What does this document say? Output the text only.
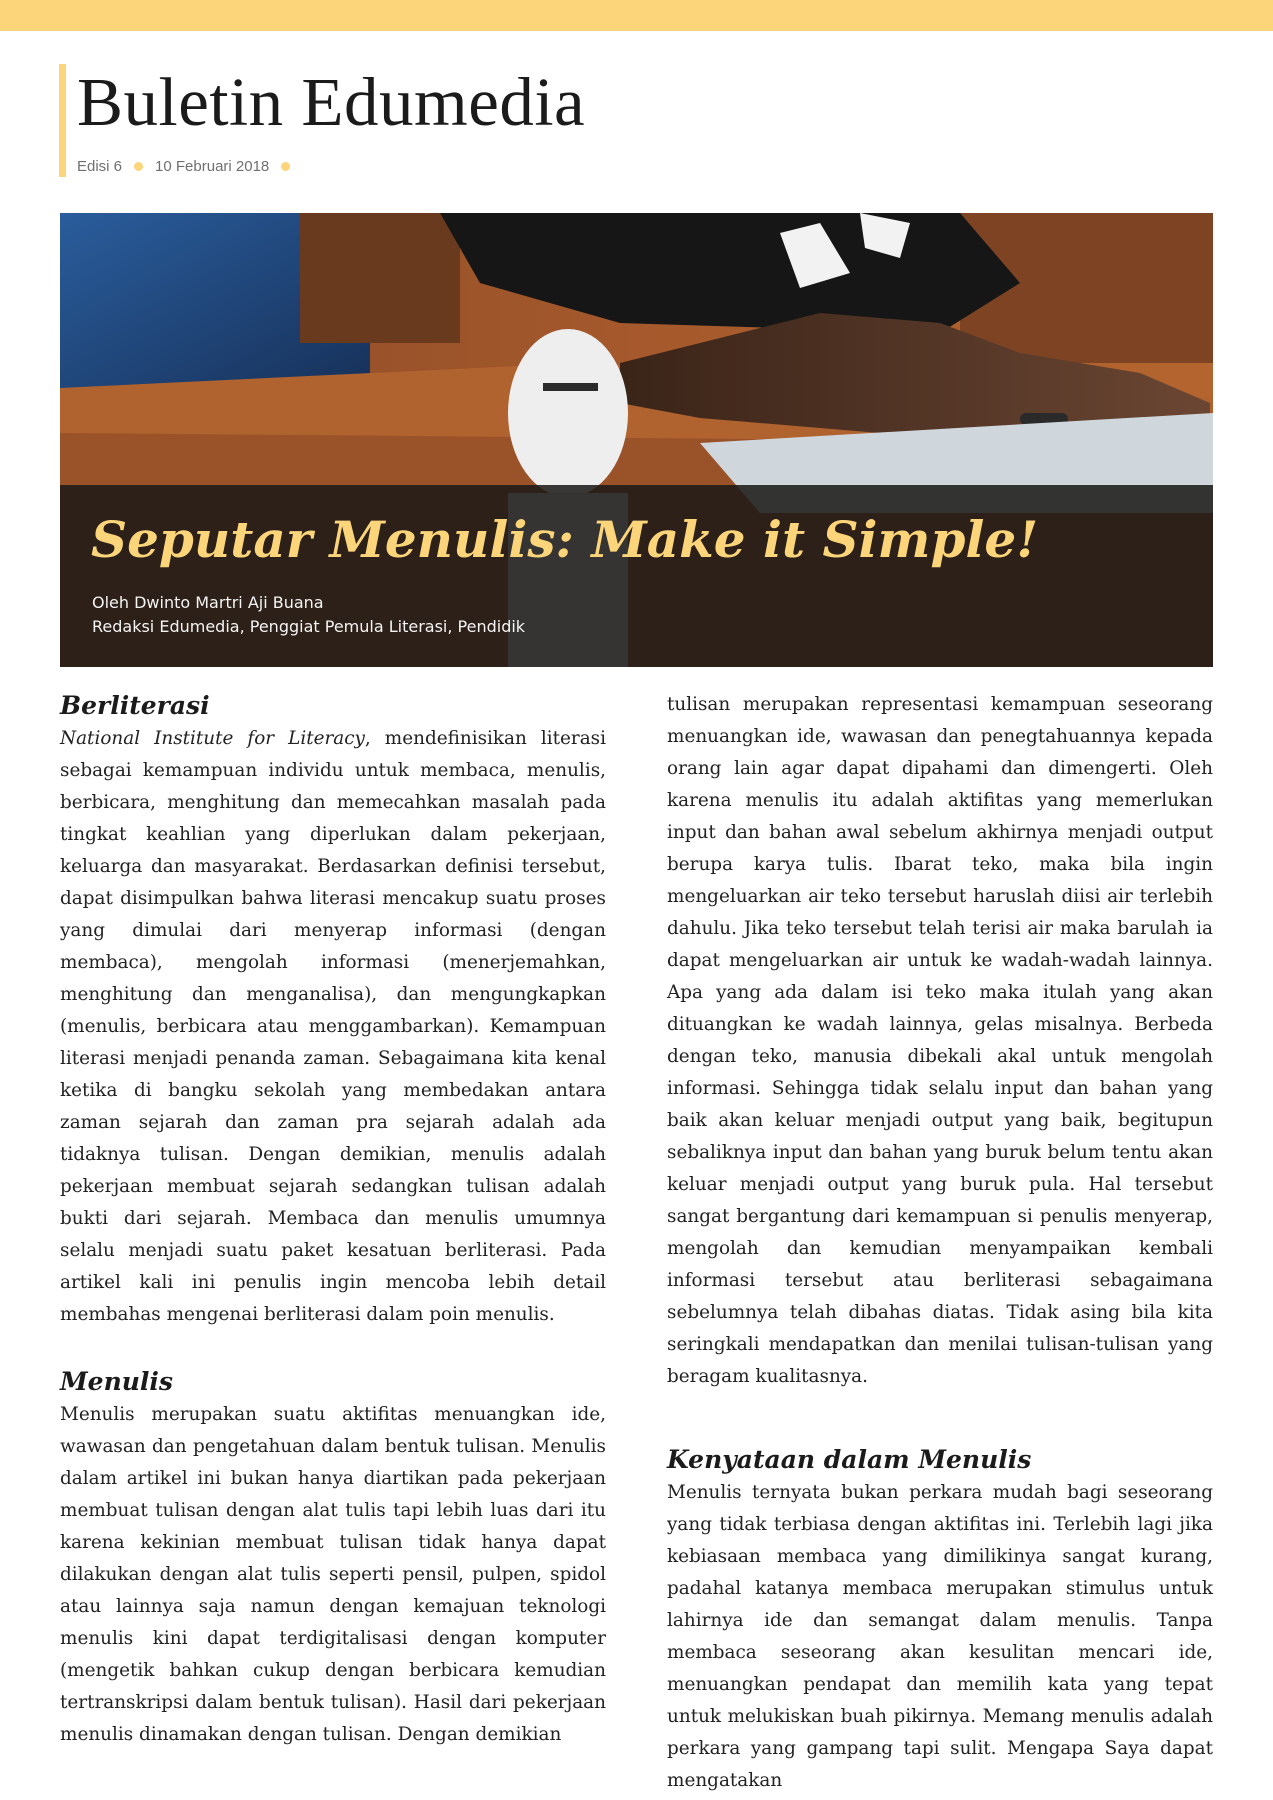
Buletin Edumedia
Edisi 6 10 Februari 2018
Seputar Menulis: Make it Simple!
Oleh Dwinto Martri Aji Buana
Redaksi Edumedia, Penggiat Pemula Literasi, Pendidik
Berliterasi

National Institute for Literacy, mendefinisikan literasi sebagai kemampuan individu untuk membaca, menulis, berbicara, menghitung dan memecahkan masalah pada tingkat keahlian yang diperlukan dalam pekerjaan, keluarga dan masyarakat. Berdasarkan definisi tersebut, dapat disimpulkan bahwa literasi mencakup suatu proses yang dimulai dari menyerap informasi (dengan membaca), mengolah informasi (menerjemahkan, menghitung dan menganalisa), dan mengungkapkan (menulis, berbicara atau menggambarkan). Kemampuan literasi menjadi penanda zaman. Sebagaimana kita kenal ketika di bangku sekolah yang membedakan antara zaman sejarah dan zaman pra sejarah adalah ada tidaknya tulisan. Dengan demikian, menulis adalah pekerjaan membuat sejarah sedangkan tulisan adalah bukti dari sejarah. Membaca dan menulis umumnya selalu menjadi suatu paket kesatuan berliterasi. Pada artikel kali ini penulis ingin mencoba lebih detail membahas mengenai berliterasi dalam poin menulis.

Menulis

Menulis merupakan suatu aktifitas menuangkan ide, wawasan dan pengetahuan dalam bentuk tulisan. Menulis dalam artikel ini bukan hanya diartikan pada pekerjaan membuat tulisan dengan alat tulis tapi lebih luas dari itu karena kekinian membuat tulisan tidak hanya dapat dilakukan dengan alat tulis seperti pensil, pulpen, spidol atau lainnya saja namun dengan kemajuan teknologi menulis kini dapat terdigitalisasi dengan komputer (mengetik bahkan cukup dengan berbicara kemudian tertranskripsi dalam bentuk tulisan). Hasil dari pekerjaan menulis dinamakan dengan tulisan. Dengan demikian

tulisan merupakan representasi kemampuan seseorang menuangkan ide, wawasan dan penegtahuannya kepada orang lain agar dapat dipahami dan dimengerti. Oleh karena menulis itu adalah aktifitas yang memerlukan input dan bahan awal sebelum akhirnya menjadi output berupa karya tulis. Ibarat teko, maka bila ingin mengeluarkan air teko tersebut haruslah diisi air terlebih dahulu. Jika teko tersebut telah terisi air maka barulah ia dapat mengeluarkan air untuk ke wadah-wadah lainnya. Apa yang ada dalam isi teko maka itulah yang akan dituangkan ke wadah lainnya, gelas misalnya. Berbeda dengan teko, manusia dibekali akal untuk mengolah informasi. Sehingga tidak selalu input dan bahan yang baik akan keluar menjadi output yang baik, begitupun sebaliknya input dan bahan yang buruk belum tentu akan keluar menjadi output yang buruk pula. Hal tersebut sangat bergantung dari kemampuan si penulis menyerap, mengolah dan kemudian menyampaikan kembali informasi tersebut atau berliterasi sebagaimana sebelumnya telah dibahas diatas. Tidak asing bila kita seringkali mendapatkan dan menilai tulisan-tulisan yang beragam kualitasnya.

Kenyataan dalam Menulis

Menulis ternyata bukan perkara mudah bagi seseorang yang tidak terbiasa dengan aktifitas ini. Terlebih lagi jika kebiasaan membaca yang dimilikinya sangat kurang, padahal katanya membaca merupakan stimulus untuk lahirnya ide dan semangat dalam menulis. Tanpa membaca seseorang akan kesulitan mencari ide, menuangkan pendapat dan memilih kata yang tepat untuk melukiskan buah pikirnya. Memang menulis adalah perkara yang gampang tapi sulit. Mengapa Saya dapat mengatakan
